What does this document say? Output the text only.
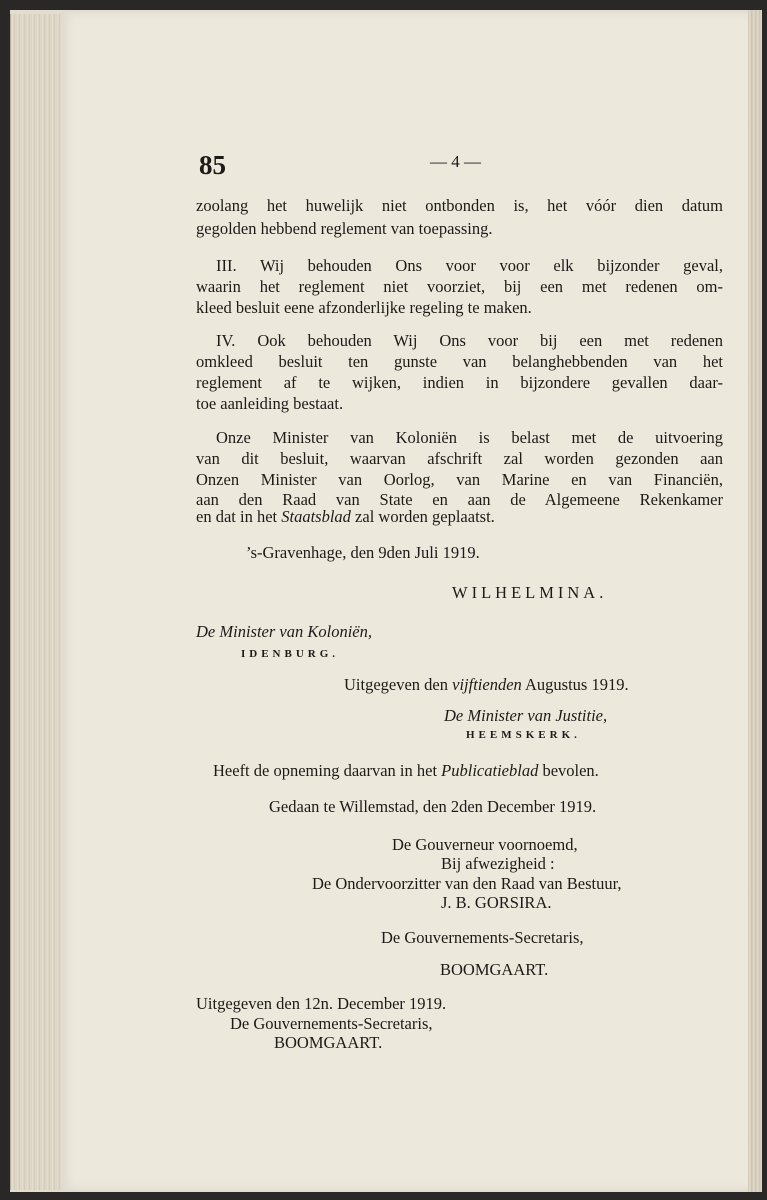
85	— 4 —
zoolang het huwelijk niet ontbonden is, het vóór dien datum
gegolden hebbend reglement van toepassing.
III. Wij behouden Ons voor voor elk bijzonder geval,
waarin het reglement niet voorziet, bij een met redenen om-
kleed besluit eene afzonderlijke regeling te maken.
IV. Ook behouden Wij Ons voor bij een met redenen
omkleed besluit ten gunste van belanghebbenden van het
reglement af te wijken, indien in bijzondere gevallen daar-
toe aanleiding bestaat.
Onze Minister van Koloniën is belast met de uitvoering
van dit besluit, waarvan afschrift zal worden gezonden aan
Onzen Minister van Oorlog, van Marine en van Financiën,
aan den Raad van State en aan de Algemeene Rekenkamer
en dat in het Staatsblad zal worden geplaatst.
’s-Gravenhage, den 9den Juli 1919.
WILHELMINA.
De Minister van Koloniën,
IDENBURG.
Uitgegeven den vijftienden Augustus 1919.
De Minister van Justitie,
HEEMSKERK.
Heeft de opneming daarvan in het Publicatieblad bevolen.
Gedaan te Willemstad, den 2den December 1919.
De Gouverneur voornoemd,
Bij afwezigheid :
De Ondervoorzitter van den Raad van Bestuur,
J. B. GORSIRA.
De Gouvernements-Secretaris,
BOOMGAART.
Uitgegeven den 12n. December 1919.
De Gouvernements-Secretaris,
BOOMGAART.
